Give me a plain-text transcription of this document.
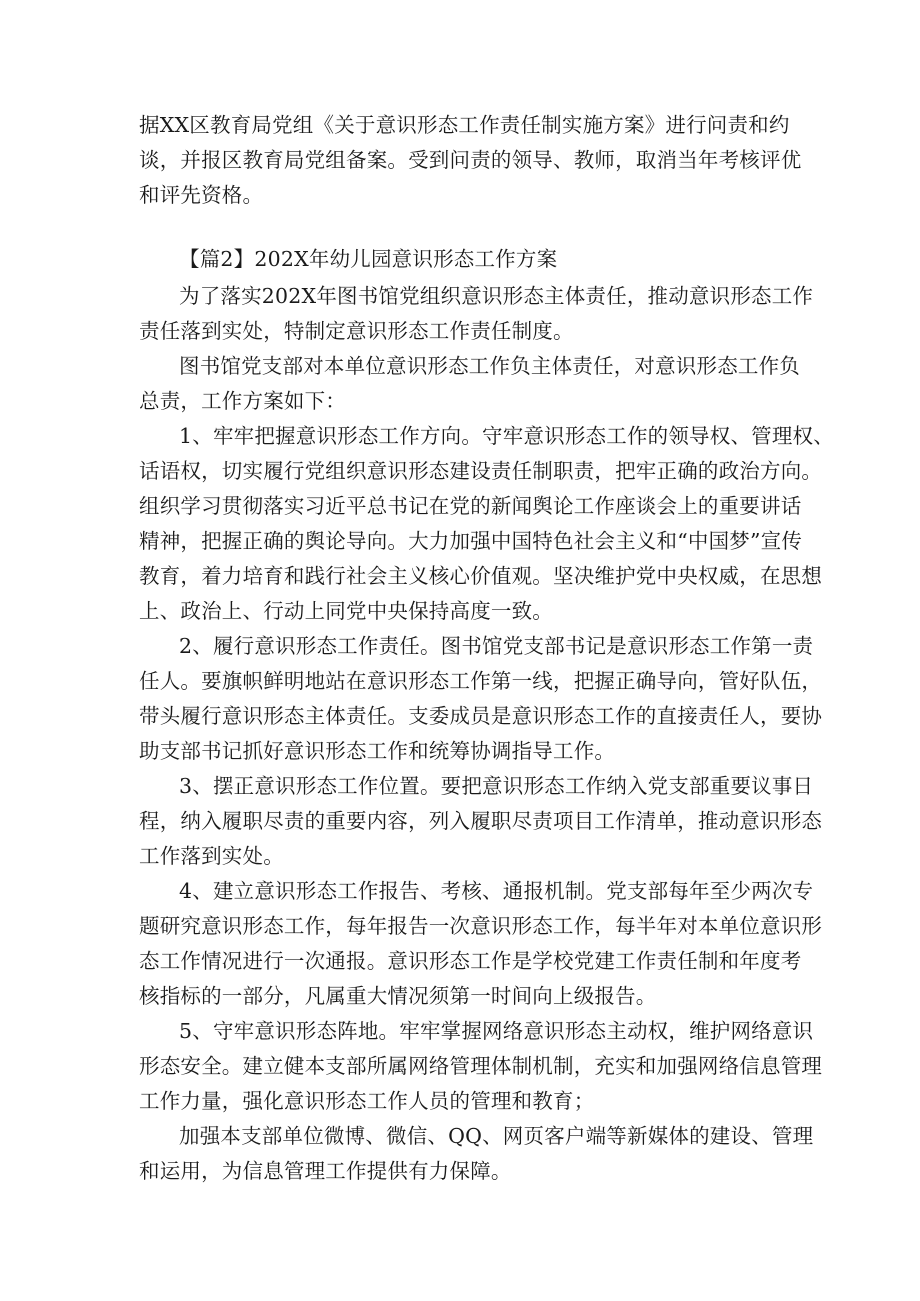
据XX区教育局党组《关于意识形态工作责任制实施方案》进行问责和约
谈，并报区教育局党组备案。受到问责的领导、教师，取消当年考核评优
和评先资格。
【篇2】202X年幼儿园意识形态工作方案
为了落实202X年图书馆党组织意识形态主体责任，推动意识形态工作
责任落到实处，特制定意识形态工作责任制度。
图书馆党支部对本单位意识形态工作负主体责任，对意识形态工作负
总责，工作方案如下：
1、牢牢把握意识形态工作方向。守牢意识形态工作的领导权、管理权、
话语权，切实履行党组织意识形态建设责任制职责，把牢正确的政治方向。
组织学习贯彻落实习近平总书记在党的新闻舆论工作座谈会上的重要讲话
精神，把握正确的舆论导向。大力加强中国特色社会主义和“中国梦”宣传
教育，着力培育和践行社会主义核心价值观。坚决维护党中央权威，在思想
上、政治上、行动上同党中央保持高度一致。
2、履行意识形态工作责任。图书馆党支部书记是意识形态工作第一责
任人。要旗帜鲜明地站在意识形态工作第一线，把握正确导向，管好队伍，
带头履行意识形态主体责任。支委成员是意识形态工作的直接责任人，要协
助支部书记抓好意识形态工作和统筹协调指导工作。
3、摆正意识形态工作位置。要把意识形态工作纳入党支部重要议事日
程，纳入履职尽责的重要内容，列入履职尽责项目工作清单，推动意识形态
工作落到实处。
4、建立意识形态工作报告、考核、通报机制。党支部每年至少两次专
题研究意识形态工作，每年报告一次意识形态工作，每半年对本单位意识形
态工作情况进行一次通报。意识形态工作是学校党建工作责任制和年度考
核指标的一部分，凡属重大情况须第一时间向上级报告。
5、守牢意识形态阵地。牢牢掌握网络意识形态主动权，维护网络意识
形态安全。建立健本支部所属网络管理体制机制，充实和加强网络信息管理
工作力量，强化意识形态工作人员的管理和教育；
加强本支部单位微博、微信、QQ、网页客户端等新媒体的建设、管理
和运用，为信息管理工作提供有力保障。
